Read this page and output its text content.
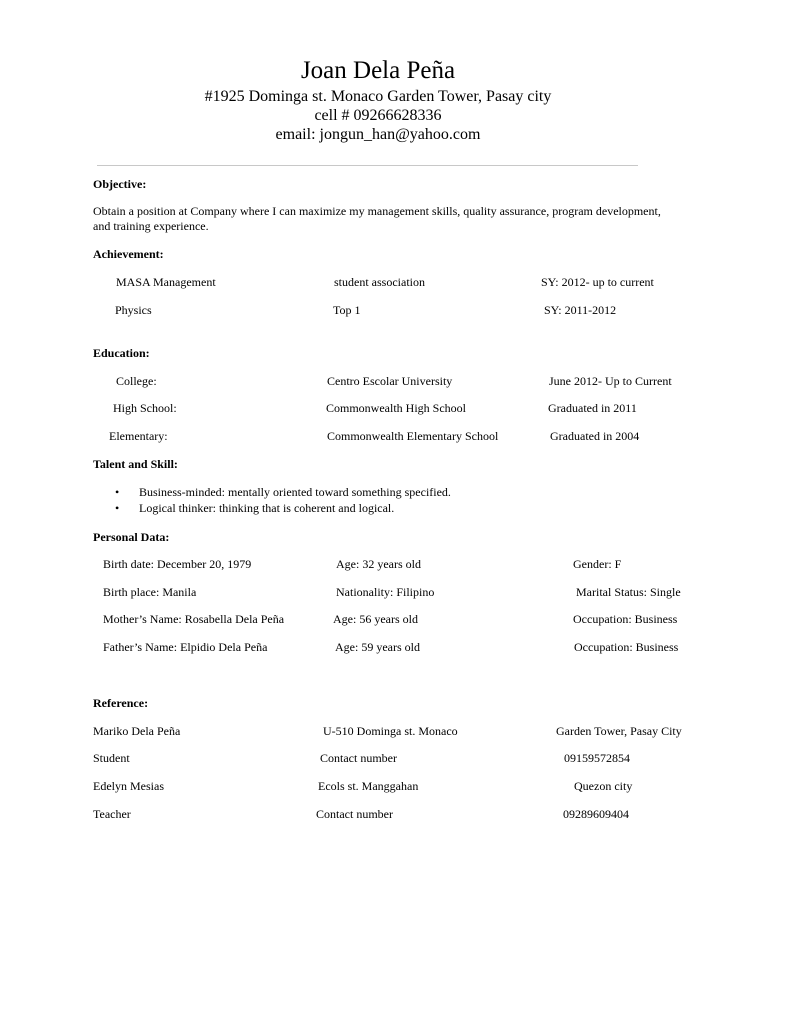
Joan Dela Peña
#1925 Dominga st. Monaco Garden Tower, Pasay city
cell # 09266628336
email: jongun_han@yahoo.com
Objective:
Obtain a position at Company where I can maximize my management skills, quality assurance, program development, and training experience.
Achievement:
MASA Management	student association	SY: 2012- up to current
Physics	Top 1	SY: 2011-2012
Education:
College:	Centro Escolar University	June 2012- Up to Current
High School:	Commonwealth High School	Graduated in 2011
Elementary:	Commonwealth Elementary School	Graduated in 2004
Talent and Skill:
• Business-minded: mentally oriented toward something specified.
• Logical thinker: thinking that is coherent and logical.
Personal Data:
Birth date: December 20, 1979	Age: 32 years old	Gender: F
Birth place: Manila	Nationality: Filipino	Marital Status: Single
Mother’s Name: Rosabella Dela Peña	Age: 56 years old	Occupation: Business
Father’s Name: Elpidio Dela Peña	Age: 59 years old	Occupation: Business
Reference:
Mariko Dela Peña	U-510 Dominga st. Monaco	Garden Tower, Pasay City
Student	Contact number	09159572854
Edelyn Mesias	Ecols st. Manggahan	Quezon city
Teacher	Contact number	09289609404
